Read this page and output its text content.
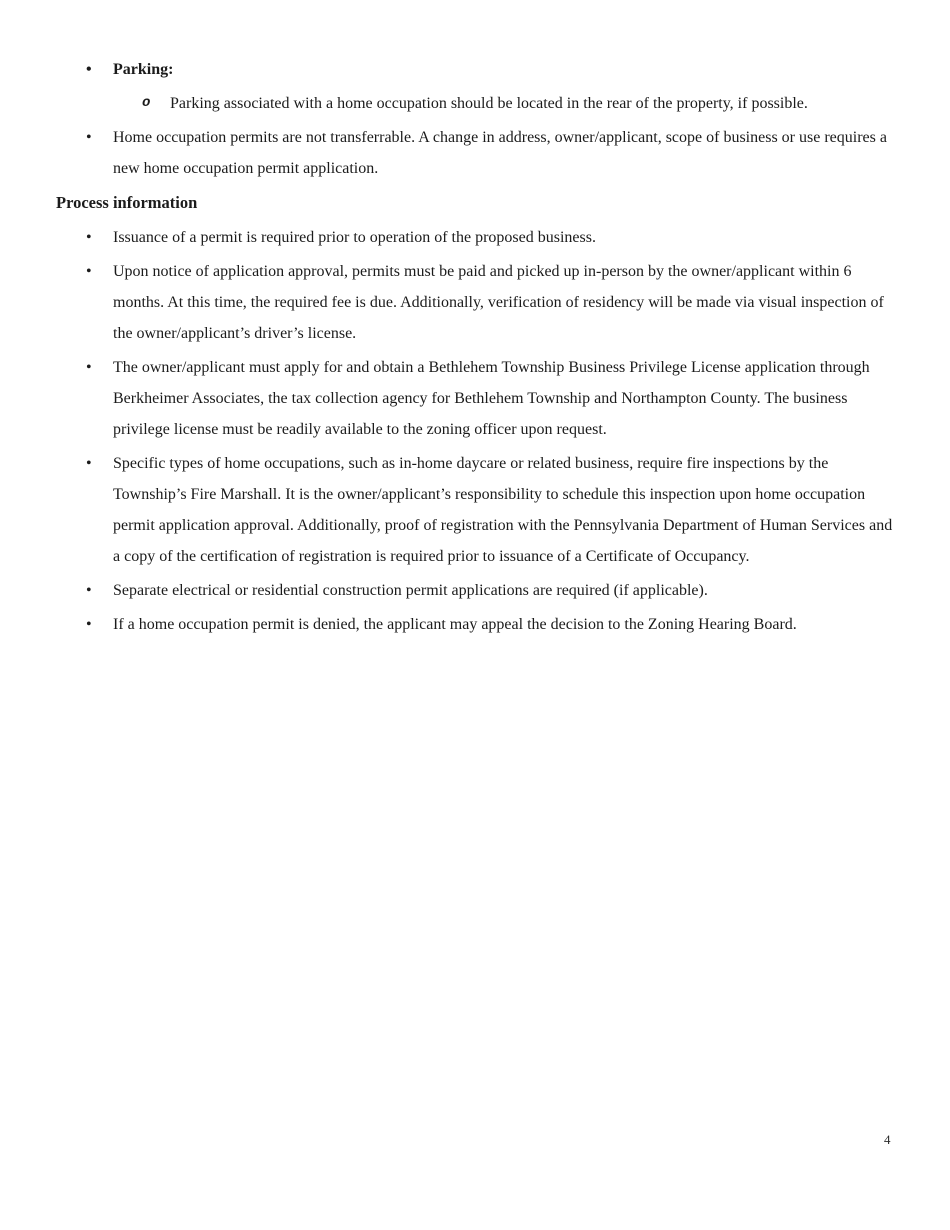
• Parking:
o Parking associated with a home occupation should be located in the rear of the property, if possible.
• Home occupation permits are not transferrable. A change in address, owner/applicant, scope of business or use requires a new home occupation permit application.
Process information
• Issuance of a permit is required prior to operation of the proposed business.
• Upon notice of application approval, permits must be paid and picked up in-person by the owner/applicant within 6 months. At this time, the required fee is due. Additionally, verification of residency will be made via visual inspection of the owner/applicant’s driver’s license.
• The owner/applicant must apply for and obtain a Bethlehem Township Business Privilege License application through Berkheimer Associates, the tax collection agency for Bethlehem Township and Northampton County. The business privilege license must be readily available to the zoning officer upon request.
• Specific types of home occupations, such as in-home daycare or related business, require fire inspections by the Township’s Fire Marshall. It is the owner/applicant’s responsibility to schedule this inspection upon home occupation permit application approval. Additionally, proof of registration with the Pennsylvania Department of Human Services and a copy of the certification of registration is required prior to issuance of a Certificate of Occupancy.
• Separate electrical or residential construction permit applications are required (if applicable).
• If a home occupation permit is denied, the applicant may appeal the decision to the Zoning Hearing Board.
4
